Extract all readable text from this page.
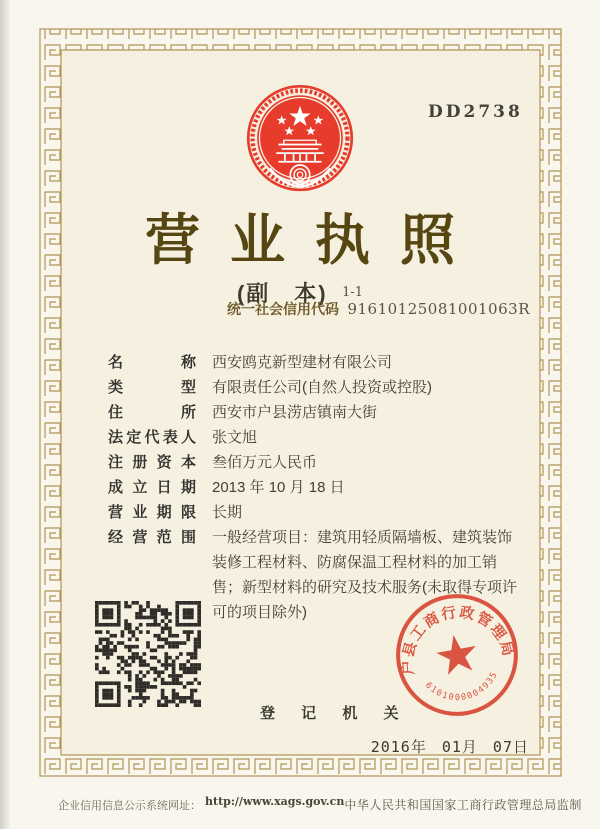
DD2738
营业执照
(副　本) $^{1-1}$
统一社会信用代码 91610125081001063R
名称 西安鸥克新型建材有限公司
类型 有限责任公司(自然人投资或控股)
住所 西安市户县涝店镇南大街
法定代表人 张文旭
注册资本 叁佰万元人民币
成立日期 2013 年 10 月 18 日
营业期限 长期
经营范围 一般经营项目：建筑用轻质隔墙板、建筑装饰装修工程材料、防腐保温工程材料的加工销售；新型材料的研究及技术服务(未取得专项许可的项目除外)
户县工商行政管理局
6101000004935
登 记 机 关
2016年 01月 07日
企业信用信息公示系统网址： http://www.xags.gov.cn 中华人民共和国国家工商行政管理总局监制
